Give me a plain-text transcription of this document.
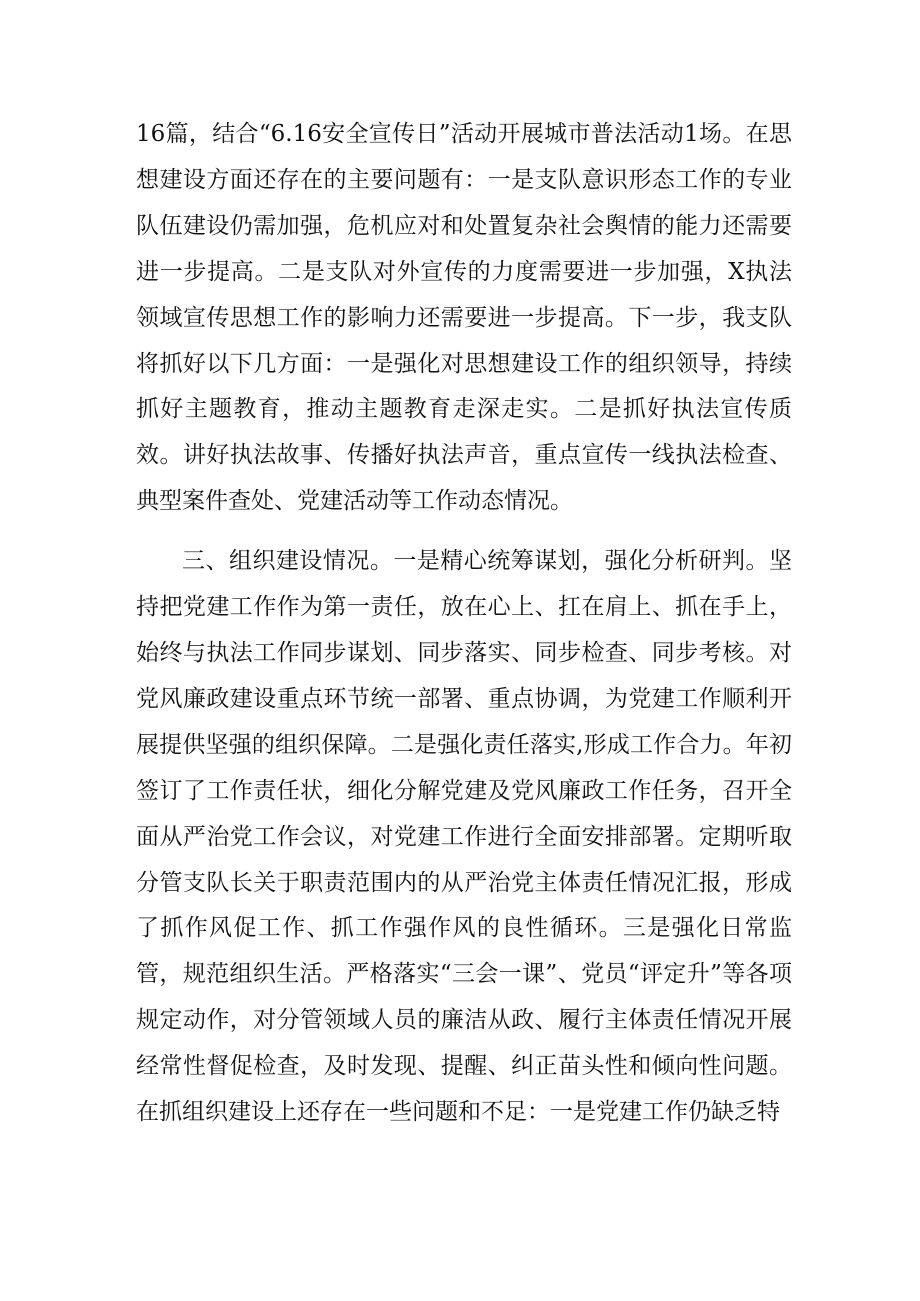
16篇，结合“6.16安全宣传日”活动开展城市普法活动1场。在思想建设方面还存在的主要问题有：一是支队意识形态工作的专业队伍建设仍需加强，危机应对和处置复杂社会舆情的能力还需要进一步提高。二是支队对外宣传的力度需要进一步加强，X执法领域宣传思想工作的影响力还需要进一步提高。下一步，我支队将抓好以下几方面：一是强化对思想建设工作的组织领导，持续抓好主题教育，推动主题教育走深走实。二是抓好执法宣传质效。讲好执法故事、传播好执法声音，重点宣传一线执法检查、典型案件查处、党建活动等工作动态情况。

三、组织建设情况。一是精心统筹谋划，强化分析研判。坚持把党建工作作为第一责任，放在心上、扛在肩上、抓在手上，始终与执法工作同步谋划、同步落实、同步检查、同步考核。对党风廉政建设重点环节统一部署、重点协调，为党建工作顺利开展提供坚强的组织保障。二是强化责任落实,形成工作合力。年初签订了工作责任状，细化分解党建及党风廉政工作任务，召开全面从严治党工作会议，对党建工作进行全面安排部署。定期听取分管支队长关于职责范围内的从严治党主体责任情况汇报，形成了抓作风促工作、抓工作强作风的良性循环。三是强化日常监管，规范组织生活。严格落实“三会一课”、党员“评定升”等各项规定动作，对分管领域人员的廉洁从政、履行主体责任情况开展经常性督促检查，及时发现、提醒、纠正苗头性和倾向性问题。在抓组织建设上还存在一些问题和不足：一是党建工作仍缺乏特
